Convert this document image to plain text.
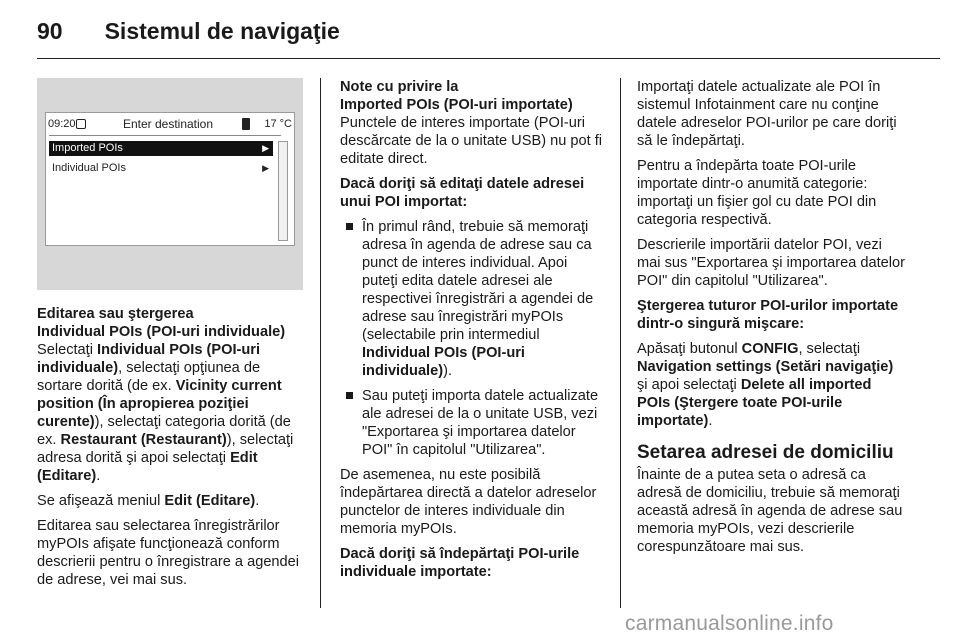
90 Sistemul de navigaţie
09:20	Enter destination	17 °C
Imported POIs	▶
Individual POIs	▶
Editarea sau ştergerea
Individual POIs (POI-uri individuale)

Selectaţi Individual POIs (POI-uri individuale), selectaţi opţiunea de sortare dorită (de ex. Vicinity current position (În apropierea poziţiei curente)), selectaţi categoria dorită (de ex. Restaurant (Restaurant)), selectaţi adresa dorită şi apoi selectaţi Edit (Editare).

Se afişează meniul Edit (Editare).

Editarea sau selectarea înregistrărilor myPOIs afişate funcţionează conform descrierii pentru o înregistrare a agendei de adrese, vei mai sus.

Note cu privire la
Imported POIs (POI-uri importate)

Punctele de interes importate (POI-uri descărcate de la o unitate USB) nu pot fi editate direct.

Dacă doriţi să editaţi datele adresei unui POI importat:

În primul rând, trebuie să memoraţi adresa în agenda de adrese sau ca punct de interes individual. Apoi puteţi edita datele adresei ale respectivei înregistrări a agendei de adrese sau înregistrări myPOIs (selectabile prin intermediul Individual POIs (POI-uri individuale)).
Sau puteţi importa datele actualizate ale adresei de la o unitate USB, vezi "Exportarea şi importarea datelor POI" în capitolul "Utilizarea".

De asemenea, nu este posibilă îndepărtarea directă a datelor adreselor punctelor de interes individuale din memoria myPOIs.

Dacă doriţi să îndepărtaţi POI-urile individuale importate:

Importaţi datele actualizate ale POI în sistemul Infotainment care nu conţine datele adreselor POI-urilor pe care doriţi să le îndepărtaţi.

Pentru a îndepărta toate POI-urile importate dintr-o anumită categorie: importaţi un fişier gol cu date POI din categoria respectivă.

Descrierile importării datelor POI, vezi mai sus "Exportarea şi importarea datelor POI" din capitolul "Utilizarea".

Ştergerea tuturor POI-urilor importate dintr-o singură mişcare:

Apăsaţi butonul CONFIG, selectaţi Navigation settings (Setări navigaţie) şi apoi selectaţi Delete all imported POIs (Ştergere toate POI-urile importate).

Setarea adresei de domiciliu

Înainte de a putea seta o adresă ca adresă de domiciliu, trebuie să memoraţi această adresă în agenda de adrese sau memoria myPOIs, vezi descrierile corespunzătoare mai sus.

carmanualsonline.info
